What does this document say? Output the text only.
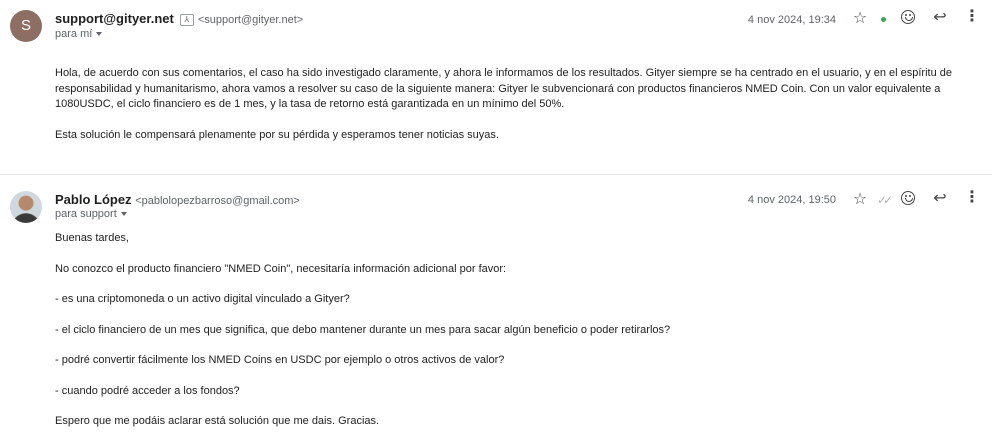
S	support@gityer.net ⅄ <support@gityer.net>
para mí
4 nov 2024, 19:34 ☆	↩ ⋮

Hola, de acuerdo con sus comentarios, el caso ha sido investigado claramente, y ahora le informamos de los resultados. Gityer siempre se ha centrado en el usuario, y en el espíritu de responsabilidad y humanitarismo, ahora vamos a resolver su caso de la siguiente manera: Gityer le subvencionará con productos financieros NMED Coin. Con un valor equivalente a 1080USDC, el ciclo financiero es de 1 mes, y la tasa de retorno está garantizada en un mínimo del 50%.

Esta solución le compensará plenamente por su pérdida y esperamos tener noticias suyas.

Pablo López <pablolopezbarroso@gmail.com>
para support
4 nov 2024, 19:50 ☆ ✓✓	↩ ⋮

Buenas tardes,

No conozco el producto financiero "NMED Coin", necesitaría información adicional por favor:

- es una criptomoneda o un activo digital vinculado a Gityer?

- el ciclo financiero de un mes que significa, que debo mantener durante un mes para sacar algún beneficio o poder retirarlos?

- podré convertir fácilmente los NMED Coins en USDC por ejemplo o otros activos de valor?

- cuando podré acceder a los fondos?

Espero que me podáis aclarar está solución que me dais. Gracias.
